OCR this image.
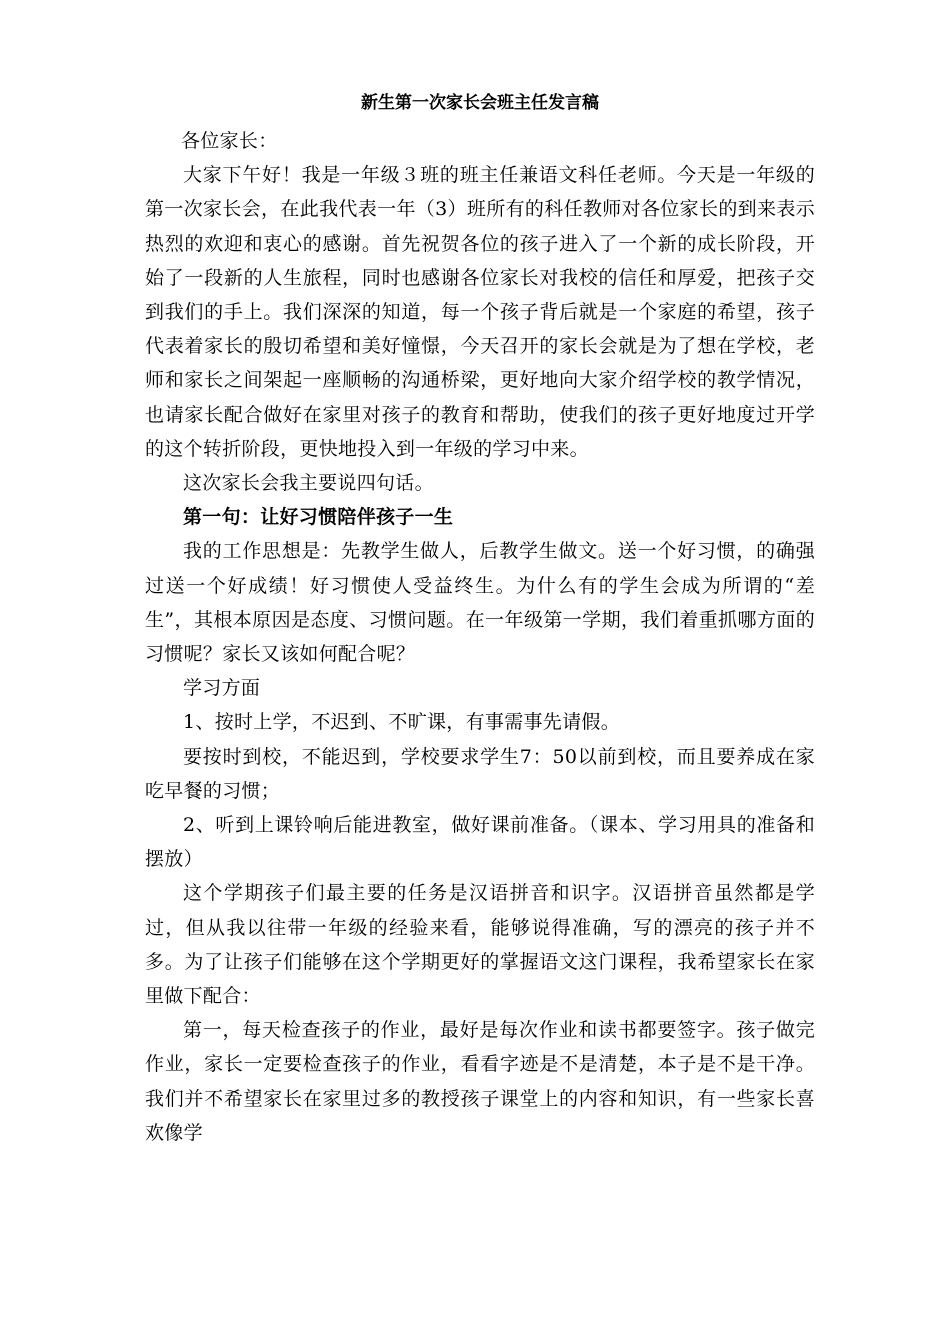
新生第一次家长会班主任发言稿

各位家长：

大家下午好！我是一年级３班的班主任兼语文科任老师。今天是一年级的第一次家长会，在此我代表一年（3）班所有的科任教师对各位家长的到来表示热烈的欢迎和衷心的感谢。首先祝贺各位的孩子进入了一个新的成长阶段，开始了一段新的人生旅程，同时也感谢各位家长对我校的信任和厚爱，把孩子交到我们的手上。我们深深的知道，每一个孩子背后就是一个家庭的希望，孩子代表着家长的殷切希望和美好憧憬，今天召开的家长会就是为了想在学校，老师和家长之间架起一座顺畅的沟通桥梁，更好地向大家介绍学校的教学情况，也请家长配合做好在家里对孩子的教育和帮助，使我们的孩子更好地度过开学的这个转折阶段，更快地投入到一年级的学习中来。

这次家长会我主要说四句话。

第一句：让好习惯陪伴孩子一生

我的工作思想是：先教学生做人，后教学生做文。送一个好习惯，的确强过送一个好成绩！好习惯使人受益终生。为什么有的学生会成为所谓的“差生”，其根本原因是态度、习惯问题。在一年级第一学期，我们着重抓哪方面的习惯呢？家长又该如何配合呢？

学习方面

1、按时上学，不迟到、不旷课，有事需事先请假。

要按时到校，不能迟到，学校要求学生7：50以前到校，而且要养成在家吃早餐的习惯；

2、听到上课铃响后能进教室，做好课前准备。（课本、学习用具的准备和摆放）

这个学期孩子们最主要的任务是汉语拼音和识字。汉语拼音虽然都是学过，但从我以往带一年级的经验来看，能够说得准确，写的漂亮的孩子并不多。为了让孩子们能够在这个学期更好的掌握语文这门课程，我希望家长在家里做下配合：

第一，每天检查孩子的作业，最好是每次作业和读书都要签字。孩子做完作业，家长一定要检查孩子的作业，看看字迹是不是清楚，本子是不是干净。我们并不希望家长在家里过多的教授孩子课堂上的内容和知识，有一些家长喜欢像学
